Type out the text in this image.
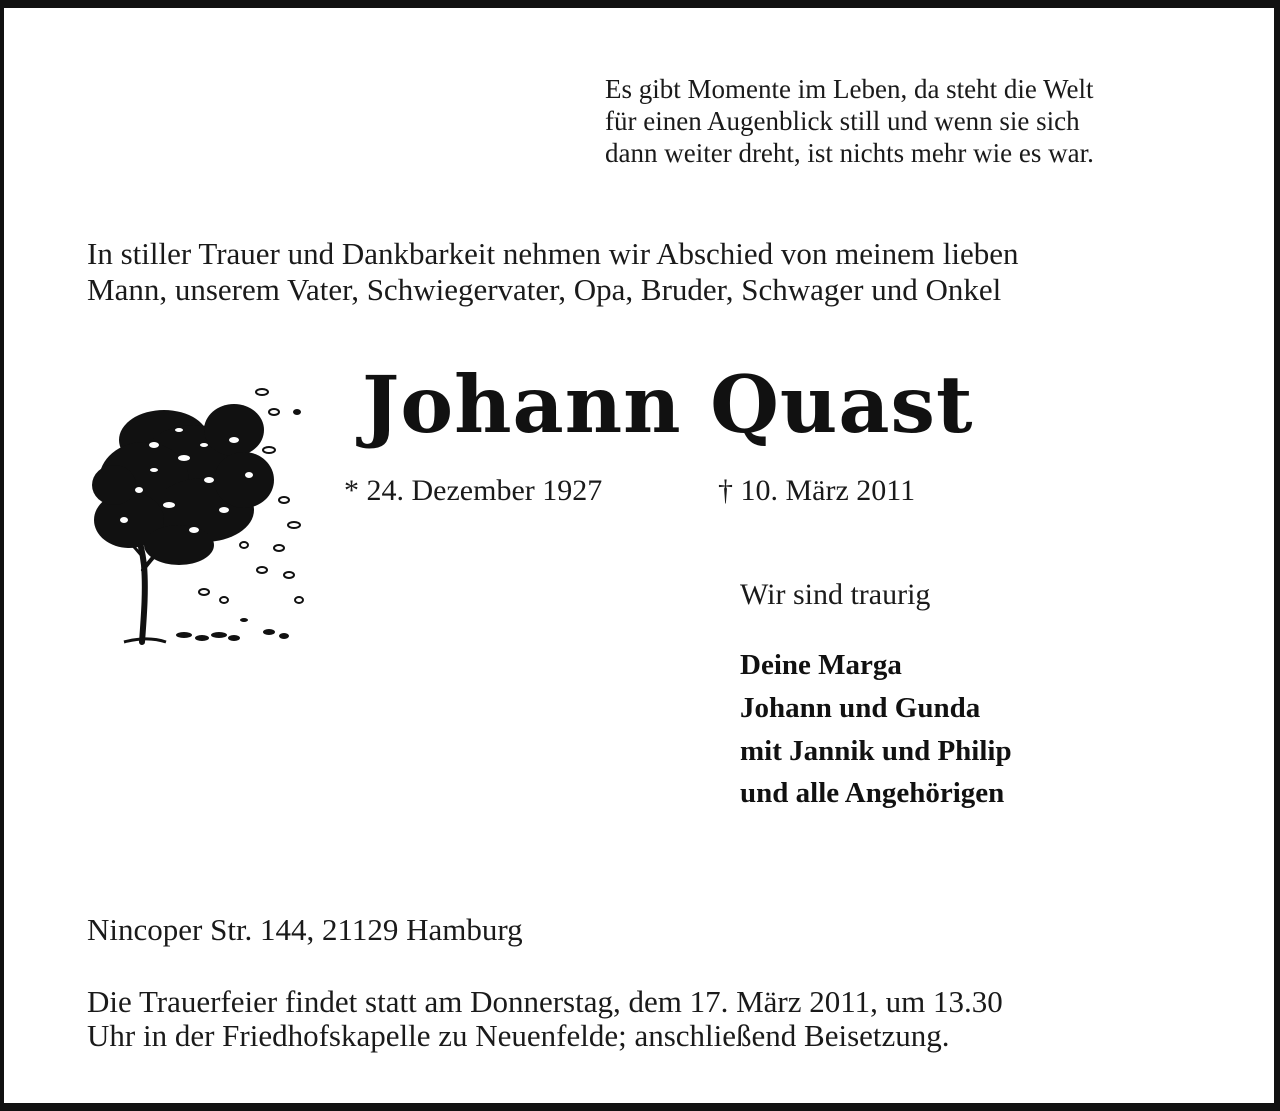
Es gibt Momente im Leben, da steht die Welt
für einen Augenblick still und wenn sie sich
dann weiter dreht, ist nichts mehr wie es war.
In stiller Trauer und Dankbarkeit nehmen wir Abschied von meinem lieben
Mann, unserem Vater, Schwiegervater, Opa, Bruder, Schwager und Onkel
Johann Quast
* 24. Dezember 1927	† 10. März 2011
Wir sind traurig
Deine Marga
Johann und Gunda
mit Jannik und Philip
und alle Angehörigen
Nincoper Str. 144, 21129 Hamburg
Die Trauerfeier findet statt am Donnerstag, dem 17. März 2011, um 13.30
Uhr in der Friedhofskapelle zu Neuenfelde; anschließend Beisetzung.
